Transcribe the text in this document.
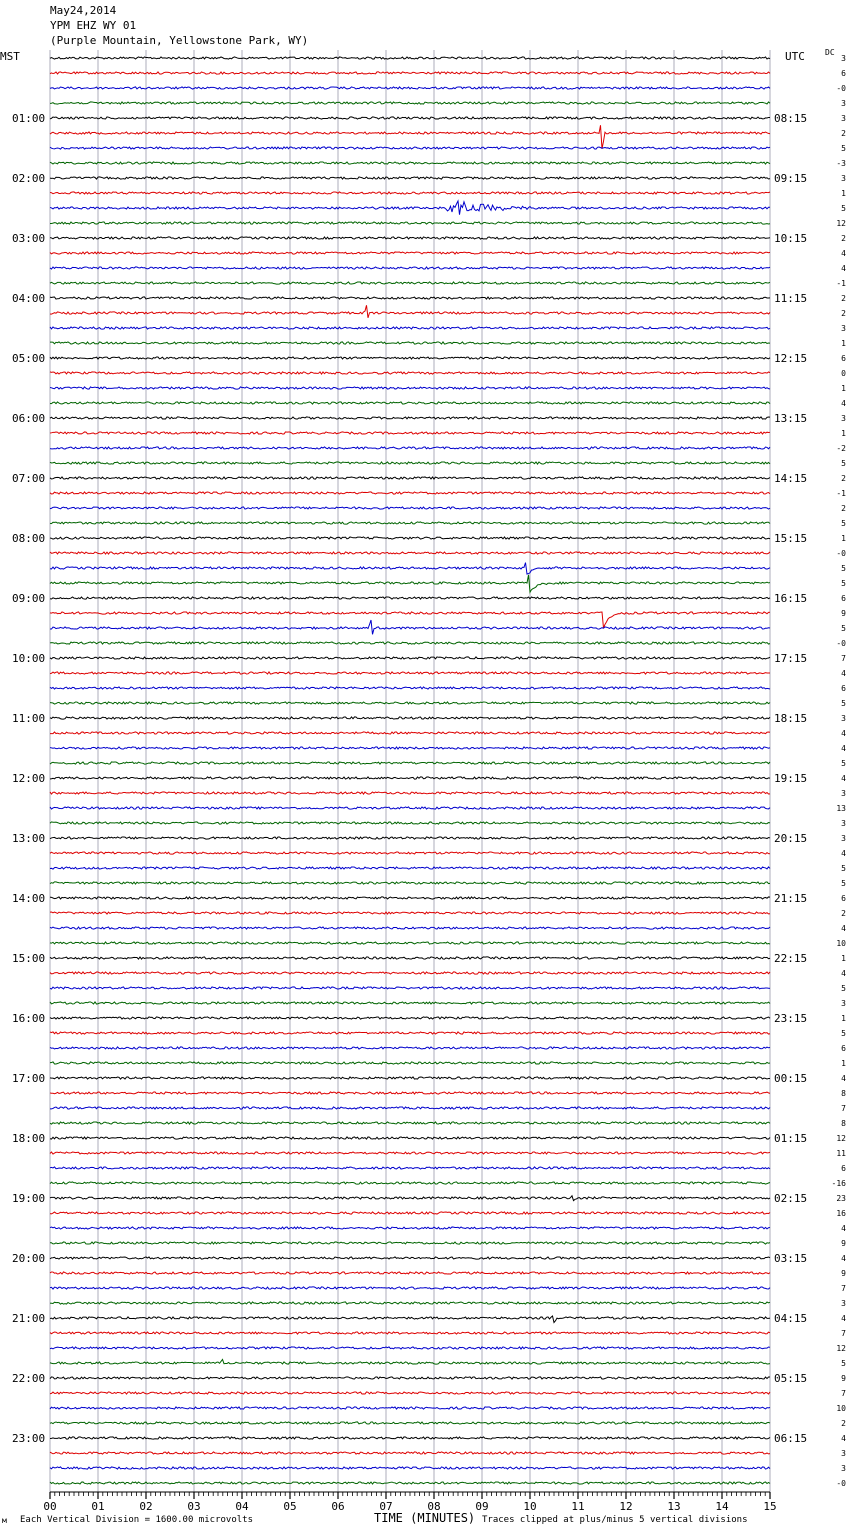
May24,2014
YPM EHZ WY 01
(Purple Mountain, Yellowstone Park, WY)
MST	UTC	DC
01:00	08:15
02:00	09:15
03:00	10:15
04:00	11:15
05:00	12:15
06:00	13:15
07:00	14:15
08:00	15:15
09:00	16:15
10:00	17:15
11:00	18:15
12:00	19:15
13:00	20:15
14:00	21:15
15:00	22:15
16:00	23:15
17:00	00:15
18:00	01:15
19:00	02:15
20:00	03:15
21:00	04:15
22:00	05:15
23:00	06:15
3
6
-0
3
3
2
5
-3
3
1
5
12
2
4
4
-1
2
2
3
1
6
0
1
4
3
1
-2
5
2
-1
2
5
1
-0
5
5
6
9
5
-0
7
4
6
5
3
4
4
5
4
3
13
3
3
4
5
5
6
2
4
10
1
4
5
3
1
5
6
1
4
8
7
8
12
11
6
-16
23
16
4
9
4
9
7
3
4
7
12
5
9
7
10
2
4
3
3
-0
00	01	02	03	04	05	06	07	08	09	10	11	12	13	14	15
м Each Vertical Division = 1600.00 microvolts	TIME (MINUTES) Traces clipped at plus/minus 5 vertical divisions
